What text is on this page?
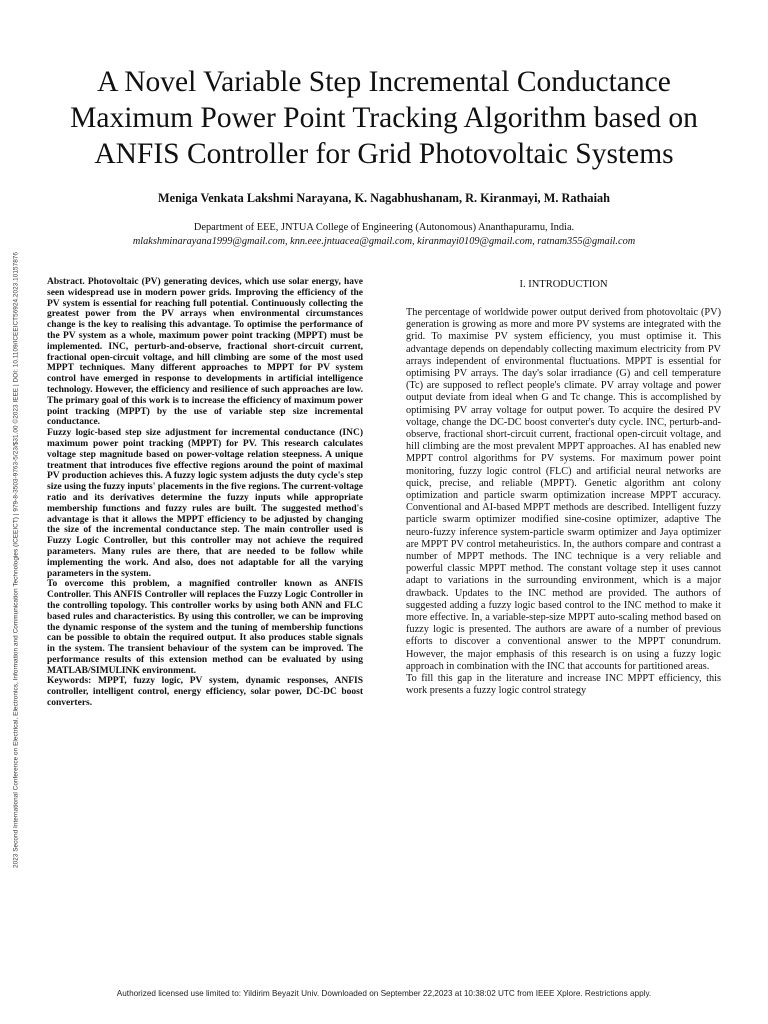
2023 Second International Conference on Electrical, Electronics, Information and Communication Technologies (ICEEICT) | 979-8-3503-9763-5/23/$31.00 ©2023 IEEE | DOI: 10.1109/ICEEICT56924.2023.10157876
A Novel Variable Step Incremental Conductance
Maximum Power Point Tracking Algorithm based on
ANFIS Controller for Grid Photovoltaic Systems
Meniga Venkata Lakshmi Narayana, K. Nagabhushanam, R. Kiranmayi, M. Rathaiah
Department of EEE, JNTUA College of Engineering (Autonomous) Ananthapuramu, India.
mlakshminarayana1999@gmail.com, knn.eee.jntuacea@gmail.com, kiranmayi0109@gmail.com, ratnam355@gmail.com

Abstract. Photovoltaic (PV) generating devices, which use solar energy, have seen widespread use in modern power grids. Improving the efficiency of the PV system is essential for reaching full potential. Continuously collecting the greatest power from the PV arrays when environmental circumstances change is the key to realising this advantage. To optimise the performance of the PV system as a whole, maximum power point tracking (MPPT) must be implemented. INC, perturb-and-observe, fractional short-circuit current, fractional open-circuit voltage, and hill climbing are some of the most used MPPT techniques. Many different approaches to MPPT for PV system control have emerged in response to developments in artificial intelligence technology. However, the efficiency and resilience of such approaches are low. The primary goal of this work is to increase the efficiency of maximum power point tracking (MPPT) by the use of variable step size incremental conductance.

Fuzzy logic-based step size adjustment for incremental conductance (INC) maximum power point tracking (MPPT) for PV. This research calculates voltage step magnitude based on power-voltage relation steepness. A unique treatment that introduces five effective regions around the point of maximal PV production achieves this. A fuzzy logic system adjusts the duty cycle's step size using the fuzzy inputs' placements in the five regions. The current-voltage ratio and its derivatives determine the fuzzy inputs while appropriate membership functions and fuzzy rules are built. The suggested method's advantage is that it allows the MPPT efficiency to be adjusted by changing the size of the incremental conductance step. The main controller used is Fuzzy Logic Controller, but this controller may not achieve the required parameters. Many rules are there, that are needed to be follow while implementing the work. And also, does not adaptable for all the varying parameters in the system.

To overcome this problem, a magnified controller known as ANFIS Controller. This ANFIS Controller will replaces the Fuzzy Logic Controller in the controlling topology. This controller works by using both ANN and FLC based rules and characteristics. By using this controller, we can be improving the dynamic response of the system and the tuning of membership functions can be possible to obtain the required output. It also produces stable signals in the system. The transient behaviour of the system can be improved. The performance results of this extension method can be evaluated by using MATLAB/SIMULINK environment.

Keywords: MPPT, fuzzy logic, PV system, dynamic responses, ANFIS controller, intelligent control, energy efficiency, solar power, DC-DC boost converters.

I. INTRODUCTION

The percentage of worldwide power output derived from photovoltaic (PV) generation is growing as more and more PV systems are integrated with the grid. To maximise PV system efficiency, you must optimise it. This advantage depends on dependably collecting maximum electricity from PV arrays independent of environmental fluctuations. MPPT is essential for optimising PV arrays. The day's solar irradiance (G) and cell temperature (Tc) are supposed to reflect people's climate. PV array voltage and power output deviate from ideal when G and Tc change. This is accomplished by optimising PV array voltage for output power. To acquire the desired PV voltage, change the DC-DC boost converter's duty cycle. INC, perturb-and-observe, fractional short-circuit current, fractional open-circuit voltage, and hill climbing are the most prevalent MPPT approaches. AI has enabled new MPPT control algorithms for PV systems. For maximum power point monitoring, fuzzy logic control (FLC) and artificial neural networks are quick, precise, and reliable (MPPT). Genetic algorithm ant colony optimization and particle swarm optimization increase MPPT accuracy. Conventional and AI-based MPPT methods are described. Intelligent fuzzy particle swarm optimizer modified sine-cosine optimizer, adaptive The neuro-fuzzy inference system-particle swarm optimizer and Jaya optimizer are MPPT PV control metaheuristics. In, the authors compare and contrast a number of MPPT methods. The INC technique is a very reliable and powerful classic MPPT method. The constant voltage step it uses cannot adapt to variations in the surrounding environment, which is a major drawback. Updates to the INC method are provided. The authors of suggested adding a fuzzy logic based control to the INC method to make it more effective. In, a variable-step-size MPPT auto-scaling method based on fuzzy logic is presented. The authors are aware of a number of previous efforts to discover a conventional answer to the MPPT conundrum. However, the major emphasis of this research is on using a fuzzy logic approach in combination with the INC that accounts for partitioned areas.

To fill this gap in the literature and increase INC MPPT efficiency, this work presents a fuzzy logic control strategy

Authorized licensed use limited to: Yildirim Beyazit Univ. Downloaded on September 22,2023 at 10:38:02 UTC from IEEE Xplore. Restrictions apply.
